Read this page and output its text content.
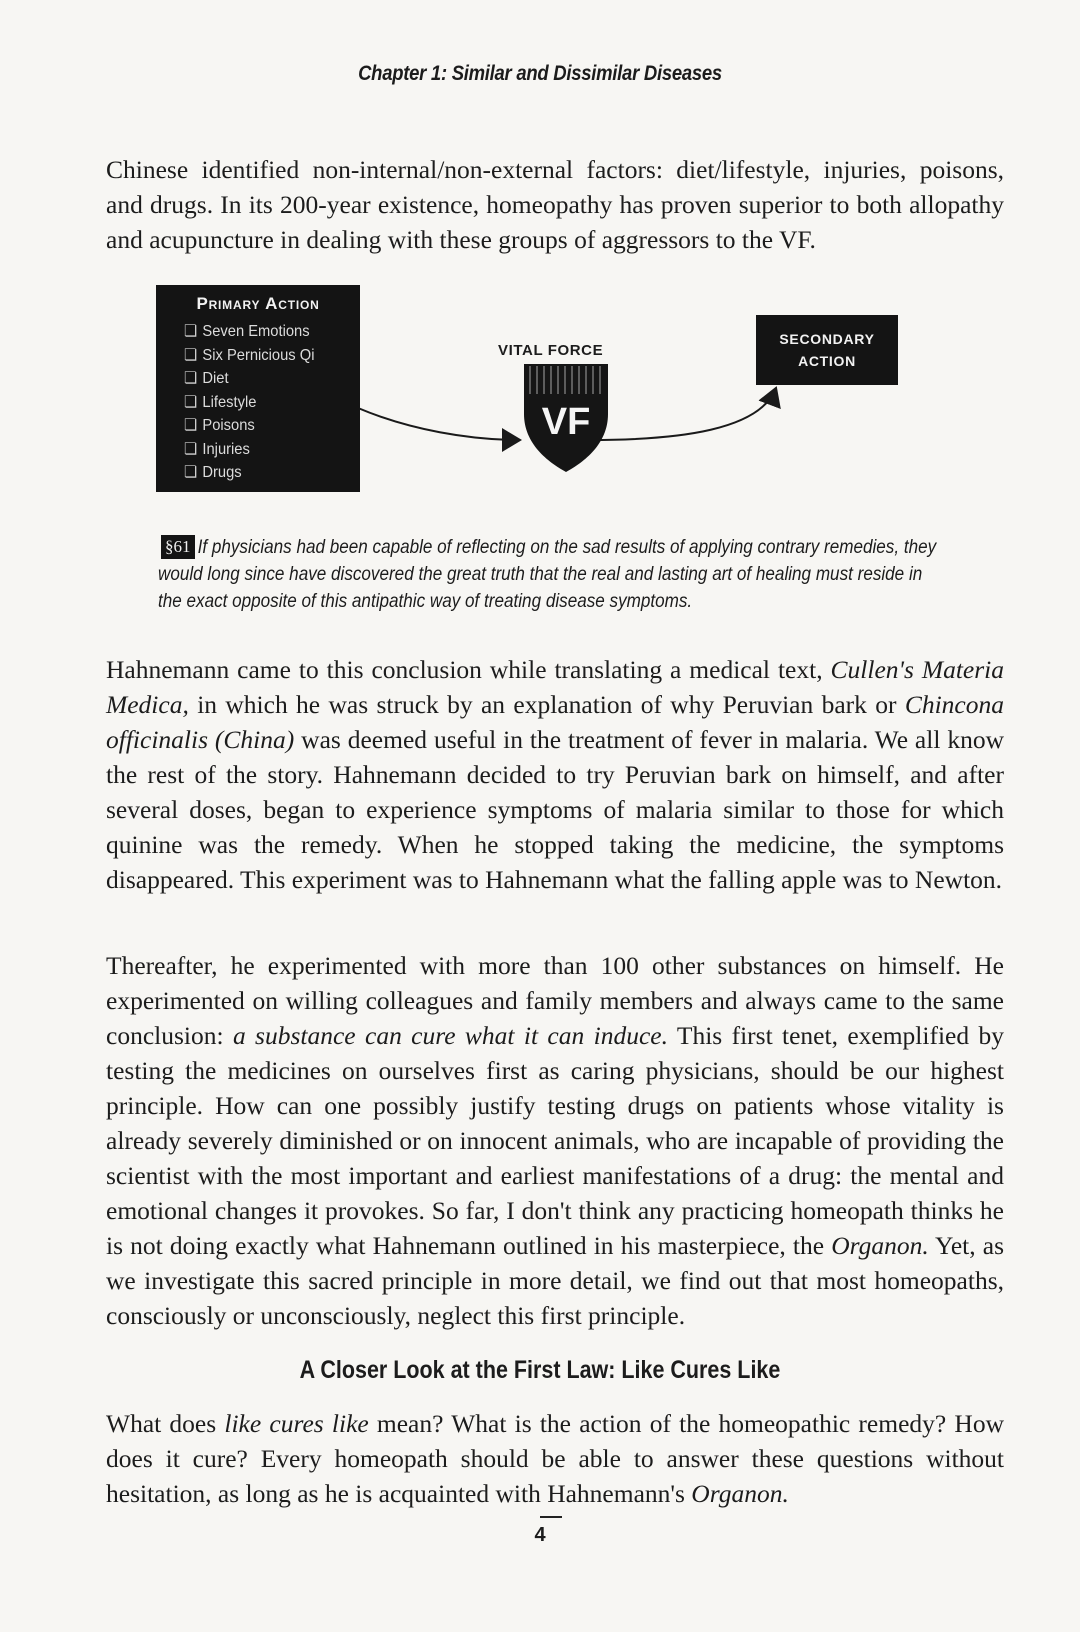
Chapter 1: Similar and Dissimilar Diseases

Chinese identified non-internal/non-external factors: diet/lifestyle, injuries, poisons, and drugs. In its 200-year existence, homeopathy has proven superior to both allopathy and acupuncture in dealing with these groups of aggressors to the VF.

Primary Action
❏ Seven Emotions
❏ Six Pernicious Qi
❏ Diet
❏ Lifestyle
❏ Poisons
❏ Injuries
❏ Drugs
VITAL FORCE
VF
SECONDARY
ACTION

If physicians had been capable of reflecting on the sad results of applying contrary remedies, they would long since have discovered the great truth that the real and lasting art of healing must reside in the exact opposite of this antipathic way of treating disease symptoms.

§61

Hahnemann came to this conclusion while translating a medical text, Cullen's Materia Medica, in which he was struck by an explanation of why Peruvian bark or Chincona officinalis (China) was deemed useful in the treatment of fever in malaria. We all know the rest of the story. Hahnemann decided to try Peruvian bark on himself, and after several doses, began to experience symptoms of malaria similar to those for which quinine was the remedy. When he stopped taking the medicine, the symptoms disappeared. This experiment was to Hahnemann what the falling apple was to Newton.

Thereafter, he experimented with more than 100 other substances on himself. He experimented on willing colleagues and family members and always came to the same conclusion: a substance can cure what it can induce. This first tenet, exemplified by testing the medicines on ourselves first as caring physicians, should be our highest principle. How can one possibly justify testing drugs on patients whose vitality is already severely diminished or on innocent animals, who are incapable of providing the scientist with the most important and earliest manifestations of a drug: the mental and emotional changes it provokes. So far, I don't think any practicing homeopath thinks he is not doing exactly what Hahnemann outlined in his masterpiece, the Organon. Yet, as we investigate this sacred principle in more detail, we find out that most homeopaths, consciously or unconsciously, neglect this first principle.

A Closer Look at the First Law: Like Cures Like

What does like cures like mean? What is the action of the homeopathic remedy? How does it cure? Every homeopath should be able to answer these questions without hesitation, as long as he is acquainted with Hahnemann's Organon.

4
